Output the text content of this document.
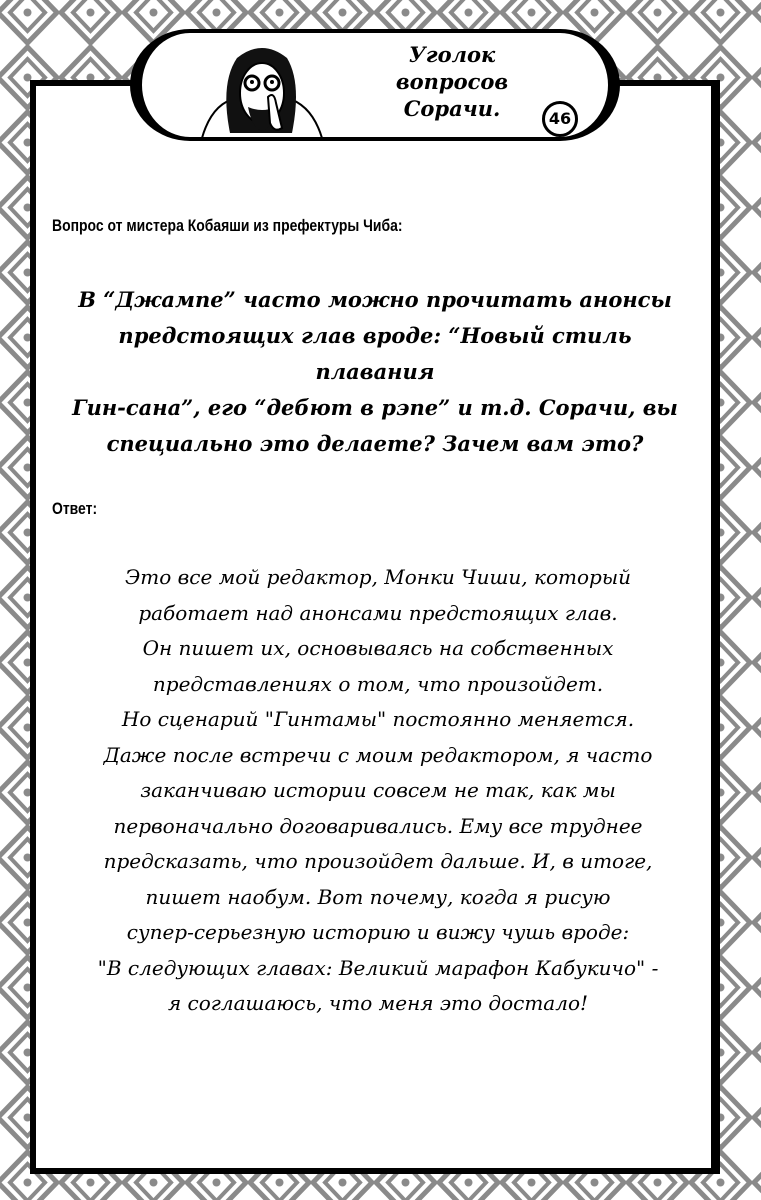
Уголок
вопросов
Сорачи.	46
Вопрос от мистера Кобаяши из префектуры Чиба:
В “Джампе” часто можно прочитать анонсы
предстоящих глав вроде: “Новый стиль плавания
Гин-сана”, его “дебют в рэпе” и т.д. Сорачи, вы
специально это делаете? Зачем вам это?
Ответ:
Это все мой редактор, Монки Чиши, который
работает над анонсами предстоящих глав.
Он пишет их, основываясь на собственных
представлениях о том, что произойдет.
Но сценарий "Гинтамы" постоянно меняется.
Даже после встречи с моим редактором, я часто
заканчиваю истории совсем не так, как мы
первоначально договаривались. Ему все труднее
предсказать, что произойдет дальше. И, в итоге,
пишет наобум. Вот почему, когда я рисую
супер-серьезную историю и вижу чушь вроде:
"В следующих главах: Великий марафон Кабукичо" -
я соглашаюсь, что меня это достало!
